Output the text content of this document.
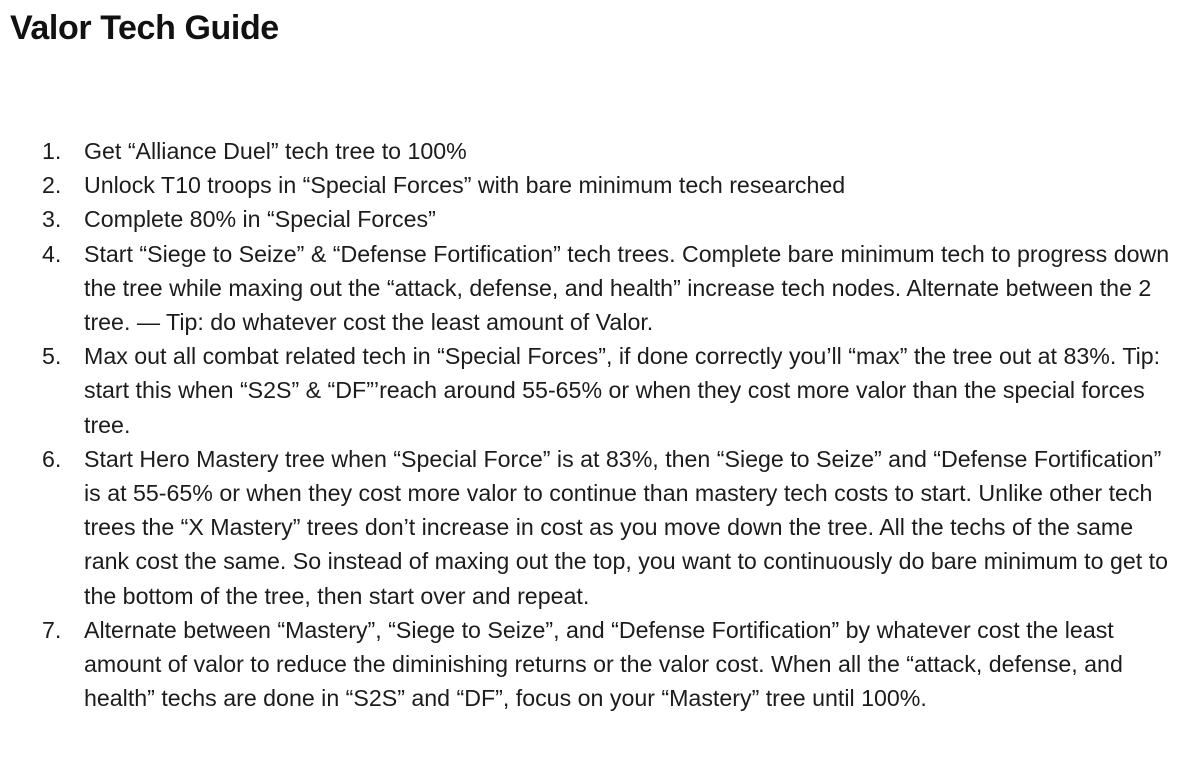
Valor Tech Guide
1. Get “Alliance Duel” tech tree to 100%
2. Unlock T10 troops in “Special Forces” with bare minimum tech researched
3. Complete 80% in “Special Forces”
4. Start “Siege to Seize” & “Defense Fortification” tech trees. Complete bare minimum tech to progress down the tree while maxing out the “attack, defense, and health” increase tech nodes. Alternate between the 2 tree. — Tip: do whatever cost the least amount of Valor.
5. Max out all combat related tech in “Special Forces”, if done correctly you’ll “max” the tree out at 83%. Tip: start this when “S2S” & “DF”’reach around 55-65% or when they cost more valor than the special forces tree.
6. Start Hero Mastery tree when “Special Force” is at 83%, then “Siege to Seize” and “Defense Fortification” is at 55-65% or when they cost more valor to continue than mastery tech costs to start. Unlike other tech trees the “X Mastery” trees don’t increase in cost as you move down the tree. All the techs of the same rank cost the same. So instead of maxing out the top, you want to continuously do bare minimum to get to the bottom of the tree, then start over and repeat.
7. Alternate between “Mastery”, “Siege to Seize”, and “Defense Fortification” by whatever cost the least amount of valor to reduce the diminishing returns or the valor cost. When all the “attack, defense, and health” techs are done in “S2S” and “DF”, focus on your “Mastery” tree until 100%.
